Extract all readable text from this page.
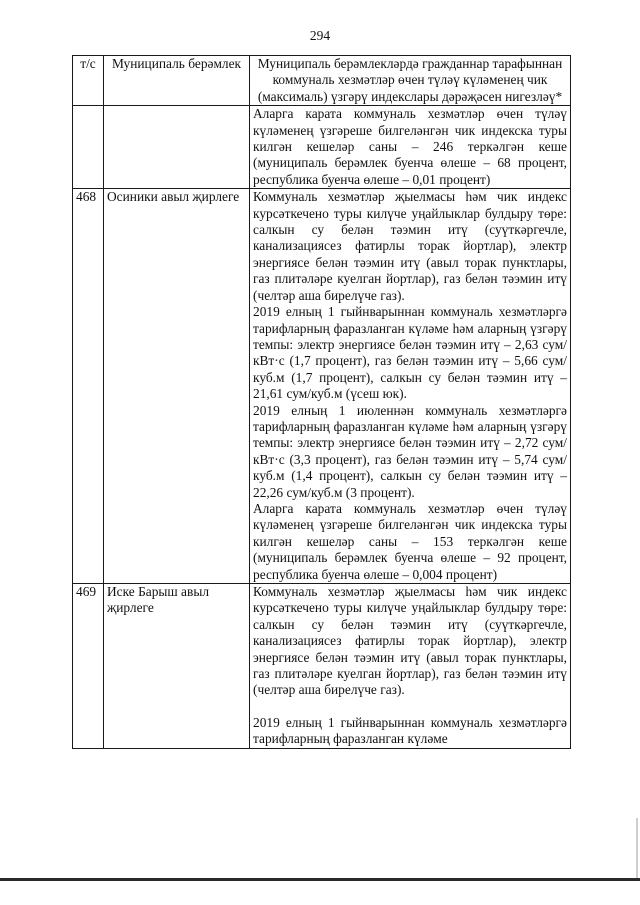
294
т/с	Муниципаль берәмлек	Муниципаль берәмлекләрдә гражданнар тарафыннан коммуналь хезмәтләр өчен түләү күләменең чик (максималь) үзгәрү индекслары дәрәҗәсен нигезләү*

		Аларга карата коммуналь хезмәтләр өчен түләү күләменең үзгәреше билгеләнгән чик индекска туры килгән кешеләр саны – 246 теркәлгән кеше (муниципаль берәмлек буенча өлеше – 68 процент, республика буенча өлеше – 0,01 процент)

468	Осиники авыл җирлеге	Коммуналь хезмәтләр җыелмасы һәм чик индекс курсәткечено туры килүче уңайлыклар булдыру төре: салкын су белән тәэмин итү (суүткәргечле, канализациясез фатирлы торак йортлар), электр энергиясе белән тәэмин итү (авыл торак пунктлары, газ плитәләре куелган йортлар), газ белән тәэмин итү (челтәр аша бирелүче газ).
2019 елның 1 гыйнварыннан коммуналь хезмәтләргә тарифларның фаразланган күләме һәм аларның үзгәрү темпы: электр энергиясе белән тәэмин итү – 2,63 сум/кВт·с (1,7 процент), газ белән тәэмин итү – 5,66 сум/куб.м (1,7 процент), салкын су белән тәэмин итү – 21,61 сум/куб.м (үсеш юк).
2019 елның 1 июленнән коммуналь хезмәтләргә тарифларның фаразланган күләме һәм аларның үзгәрү темпы: электр энергиясе белән тәэмин итү – 2,72 сум/кВт·с (3,3 процент), газ белән тәэмин итү – 5,74 сум/куб.м (1,4 процент), салкын су белән тәэмин итү – 22,26 сум/куб.м (3 процент).
Аларга карата коммуналь хезмәтләр өчен түләү күләменең үзгәреше билгеләнгән чик индекска туры килгән кешеләр саны – 153 теркәлгән кеше (муниципаль берәмлек буенча өлеше – 92 процент, республика буенча өлеше – 0,004 процент)

469	Иске Барыш авыл җирлеге	Коммуналь хезмәтләр җыелмасы һәм чик индекс курсәткечено туры килүче уңайлыклар булдыру төре: салкын су белән тәэмин итү (суүткәргечле, канализациясез фатирлы торак йортлар), электр энергиясе белән тәэмин итү (авыл торак пунктлары, газ плитәләре куелган йортлар), газ белән тәэмин итү (челтәр аша бирелүче газ).
2019 елның 1 гыйнварыннан коммуналь хезмәтләргә тарифларның фаразланган күләме
